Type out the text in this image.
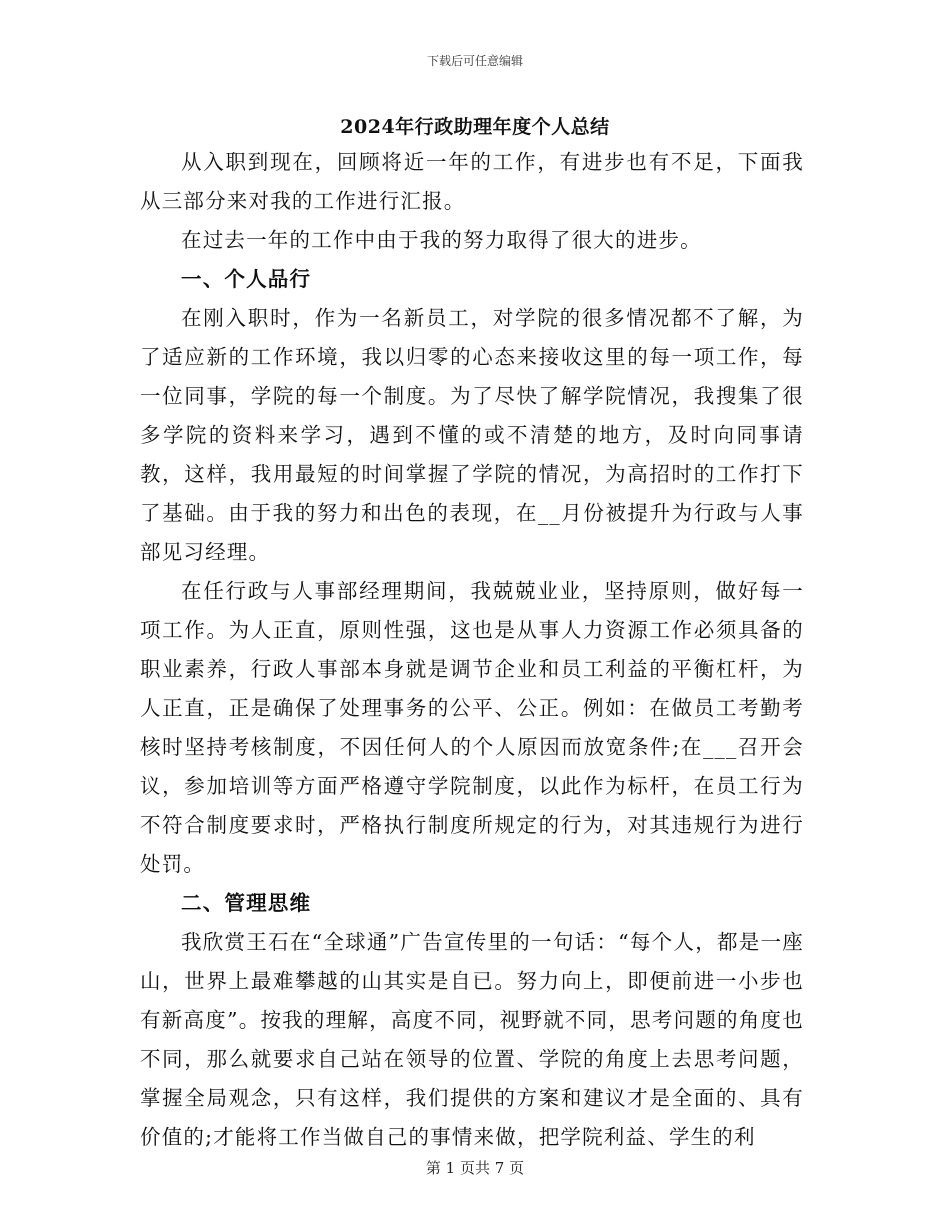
下载后可任意编辑
2024年行政助理年度个人总结

从入职到现在，回顾将近一年的工作，有进步也有不足，下面我从三部分来对我的工作进行汇报。

在过去一年的工作中由于我的努力取得了很大的进步。

一、个人品行

在刚入职时，作为一名新员工，对学院的很多情况都不了解，为了适应新的工作环境，我以归零的心态来接收这里的每一项工作，每一位同事，学院的每一个制度。为了尽快了解学院情况，我搜集了很多学院的资料来学习，遇到不懂的或不清楚的地方，及时向同事请教，这样，我用最短的时间掌握了学院的情况，为高招时的工作打下了基础。由于我的努力和出色的表现，在__月份被提升为行政与人事部见习经理。

在任行政与人事部经理期间，我兢兢业业，坚持原则，做好每一项工作。为人正直，原则性强，这也是从事人力资源工作必须具备的职业素养，行政人事部本身就是调节企业和员工利益的平衡杠杆，为人正直，正是确保了处理事务的公平、公正。例如：在做员工考勤考核时坚持考核制度，不因任何人的个人原因而放宽条件;在___召开会议，参加培训等方面严格遵守学院制度，以此作为标杆，在员工行为不符合制度要求时，严格执行制度所规定的行为，对其违规行为进行处罚。

二、管理思维

我欣赏王石在“全球通”广告宣传里的一句话：“每个人，都是一座山，世界上最难攀越的山其实是自已。努力向上，即便前进一小步也有新高度”。按我的理解，高度不同，视野就不同，思考问题的角度也不同，那么就要求自己站在领导的位置、学院的角度上去思考问题，掌握全局观念，只有这样，我们提供的方案和建议才是全面的、具有价值的;才能将工作当做自己的事情来做，把学院利益、学生的利

第 1 页共 7 页
